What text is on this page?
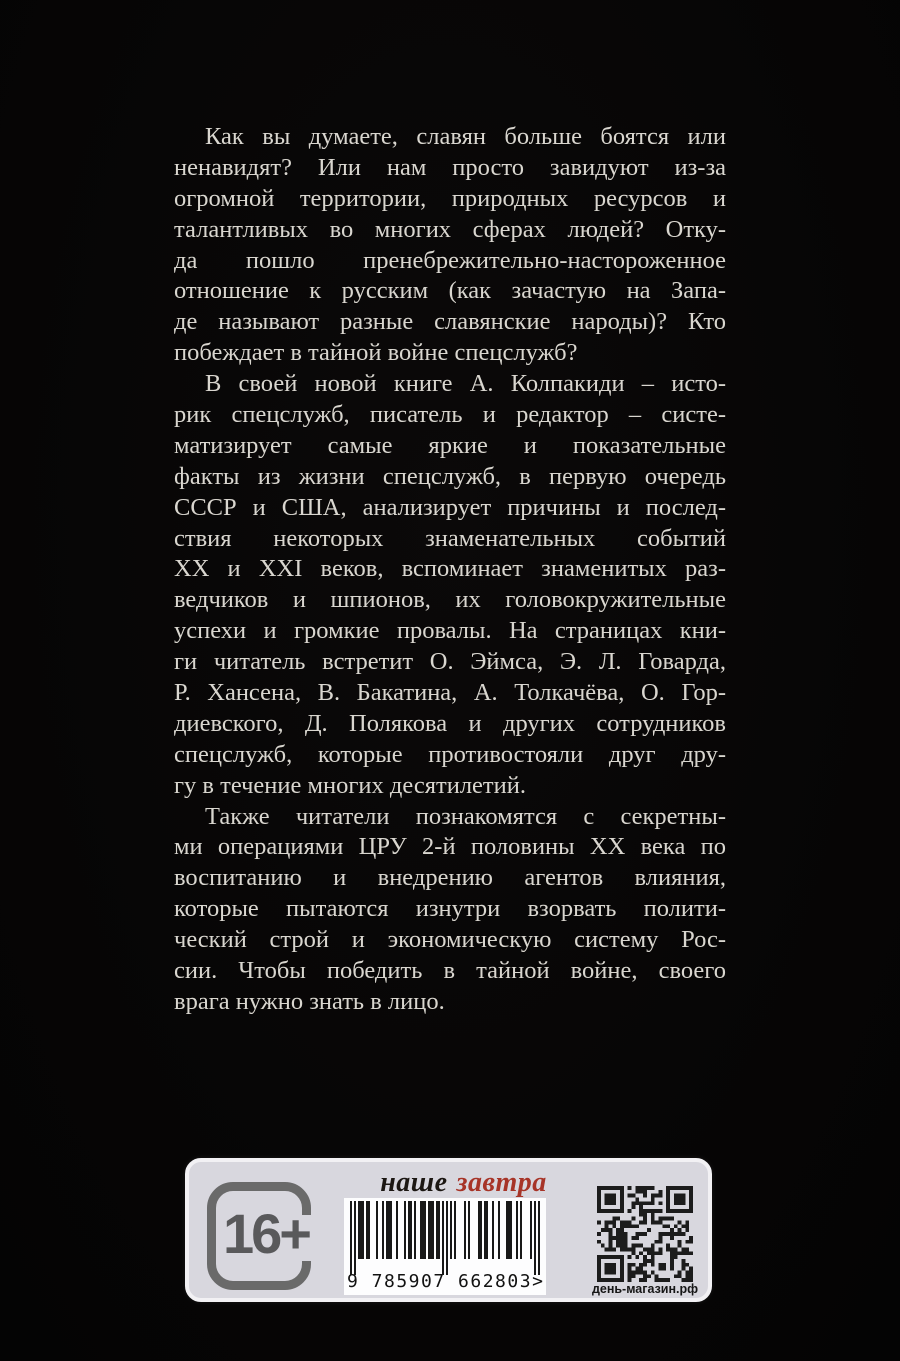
Как вы думаете, славян больше боятся или
ненавидят? Или нам просто завидуют из-за
огромной территории, природных ресурсов и
талантливых во многих сферах людей? Отку-
да пошло пренебрежительно-настороженное
отношение к русским (как зачастую на Запа-
де называют разные славянские народы)? Кто
побеждает в тайной войне спецслужб?
В своей новой книге А. Колпакиди – исто-
рик спецслужб, писатель и редактор – систе-
матизирует самые яркие и показательные
факты из жизни спецслужб, в первую очередь
СССР и США, анализирует причины и послед-
ствия некоторых знаменательных событий
XX и XXI веков, вспоминает знаменитых раз-
ведчиков и шпионов, их головокружительные
успехи и громкие провалы. На страницах кни-
ги читатель встретит О. Эймса, Э. Л. Говарда,
Р. Хансена, В. Бакатина, А. Толкачёва, О. Гор-
диевского, Д. Полякова и других сотрудников
спецслужб, которые противостояли друг дру-
гу в течение многих десятилетий.
Также читатели познакомятся с секретны-
ми операциями ЦРУ 2-й половины XX века по
воспитанию и внедрению агентов влияния,
которые пытаются изнутри взорвать полити-
ческий строй и экономическую систему Рос-
сии. Чтобы победить в тайной войне, своего
врага нужно знать в лицо.
16+
наше завтра
9 785907 662803 >	день-магазин.рф
